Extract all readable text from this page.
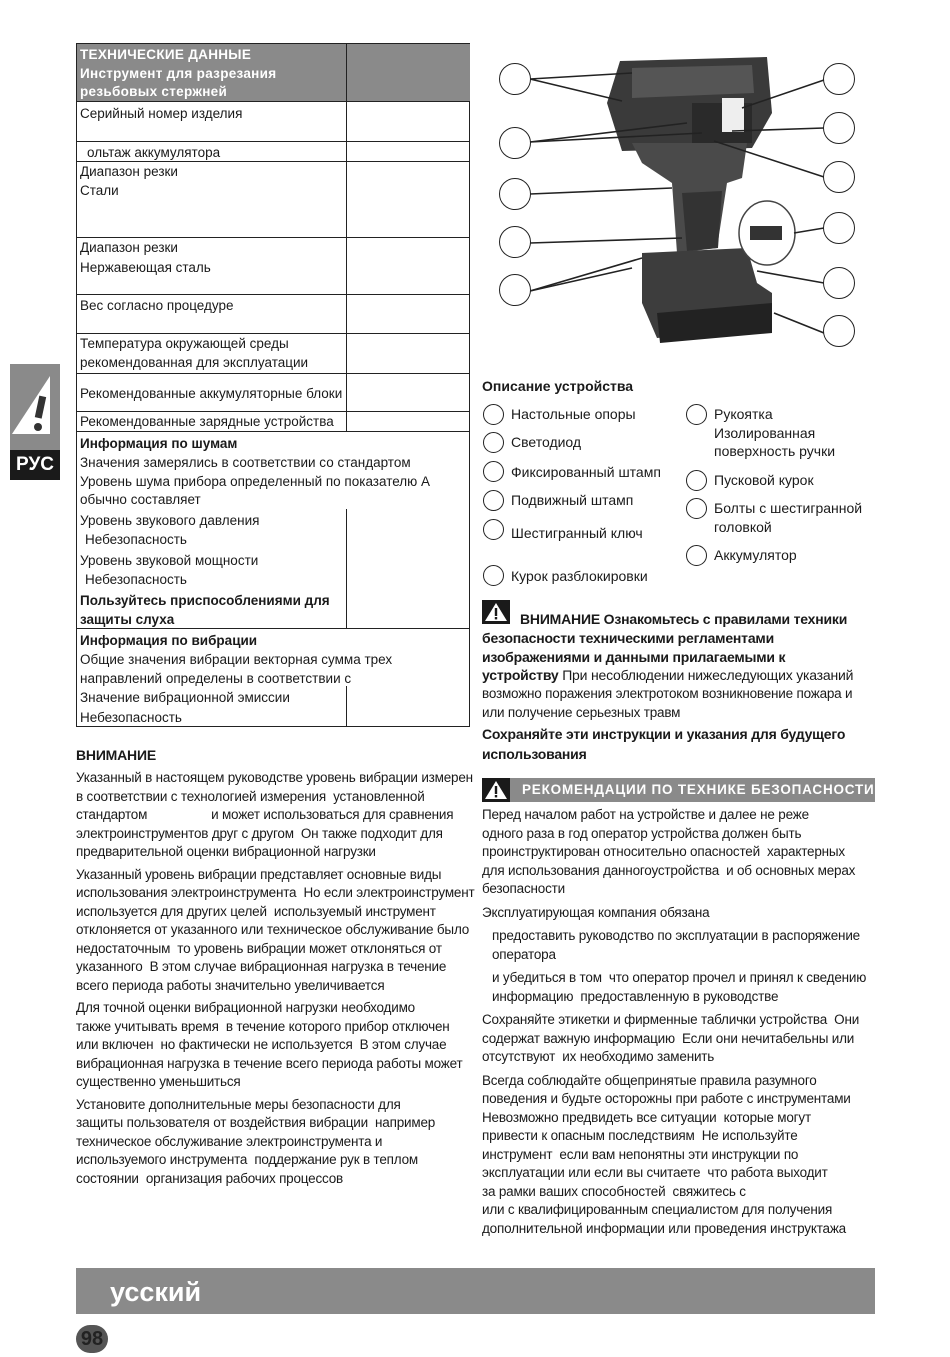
ТЕХНИЧЕСКИЕ ДАННЫЕ
Инструмент для разрезания
резьбовых стержней
Серийный номер изделия
ольтаж аккумулятора
Диапазон резки
Стали
Диапазон резки
Нержавеющая сталь
Вес согласно процедуре
Температура окружающей среды
рекомендованная для эксплуатации
Рекомендованные аккумуляторные блоки
Рекомендованные зарядные устройства
Информация по шумам
Значения замерялись в соответствии со стандартом
Уровень шума прибора определенный по показателю A
обычно составляет
Уровень звукового давления
Небезопасность
Уровень звуковой мощности
Небезопасность
Пользуйтесь приспособлениями для
защиты слуха
Информация по вибрации
Общие значения вибрации векторная сумма трех
направлений определены в соответствии с
Значение вибрационной эмиссии
Небезопасность
РУС
ВНИМАНИЕ
Указанный в настоящем руководстве уровень вибрации измерен
в соответствии с технологией измерения  установленной
стандартом                  и может использоваться для сравнения
электроинструментов друг с другом  Он также подходит для
предварительной оценки вибрационной нагрузки
Указанный уровень вибрации представляет основные виды
использования электроинструмента  Но если электроинструмент
используется для других целей  используемый инструмент
отклоняется от указанного или техническое обслуживание было
недостаточным  то уровень вибрации может отклоняться от
указанного  В этом случае вибрационная нагрузка в течение
всего периода работы значительно увеличивается
Для точной оценки вибрационной нагрузки необходимо
также учитывать время  в течение которого прибор отключен
или включен  но фактически не используется  В этом случае
вибрационная нагрузка в течение всего периода работы может
существенно уменьшиться
Установите дополнительные меры безопасности для
защиты пользователя от воздействия вибрации  например
техническое обслуживание электроинструмента и
используемого инструмента  поддержание рук в теплом
состоянии  организация рабочих процессов
Описание устройства
Настольные опоры
Светодиод
Фиксированный штамп
Подвижный штамп
Шестигранный ключ
Курок разблокировки
Рукоятка
Изолированная
поверхность ручки
Пусковой курок
Болты с шестигранной
головкой
Аккумулятор
ВНИМАНИЕ Ознакомьтесь с правилами техники
безопасности техническими регламентами
изображениями и данными прилагаемыми к
устройству При несоблюдении нижеследующих указаний
возможно поражения электротоком возникновение пожара и
или получение серьезных травм
Сохраняйте эти инструкции и указания для будущего
использования
РЕКОМЕНДАЦИИ ПО ТЕХНИКЕ БЕЗОПАСНОСТИ
Перед началом работ на устройстве и далее не реже
одного раза в год оператор устройства должен быть
проинструктирован относительно опасностей  характерных
для использования данногоустройства  и об основных мерах
безопасности
Эксплуатирующая компания обязана
предоставить руководство по эксплуатации в распоряжение
оператора
и убедиться в том  что оператор прочел и принял к сведению
информацию  предоставленную в руководстве
Сохраняйте этикетки и фирменные таблички устройства  Они
содержат важную информацию  Если они нечитабельны или
отсутствуют  их необходимо заменить
Всегда соблюдайте общепринятые правила разумного
поведения и будьте осторожны при работе с инструментами
Невозможно предвидеть все ситуации  которые могут
привести к опасным последствиям  Не используйте
инструмент  если вам непонятны эти инструкции по
эксплуатации или если вы считаете  что работа выходит
за рамки ваших способностей  свяжитесь с
или с квалифицированным специалистом для получения
дополнительной информации или проведения инструктажа
усский
98
